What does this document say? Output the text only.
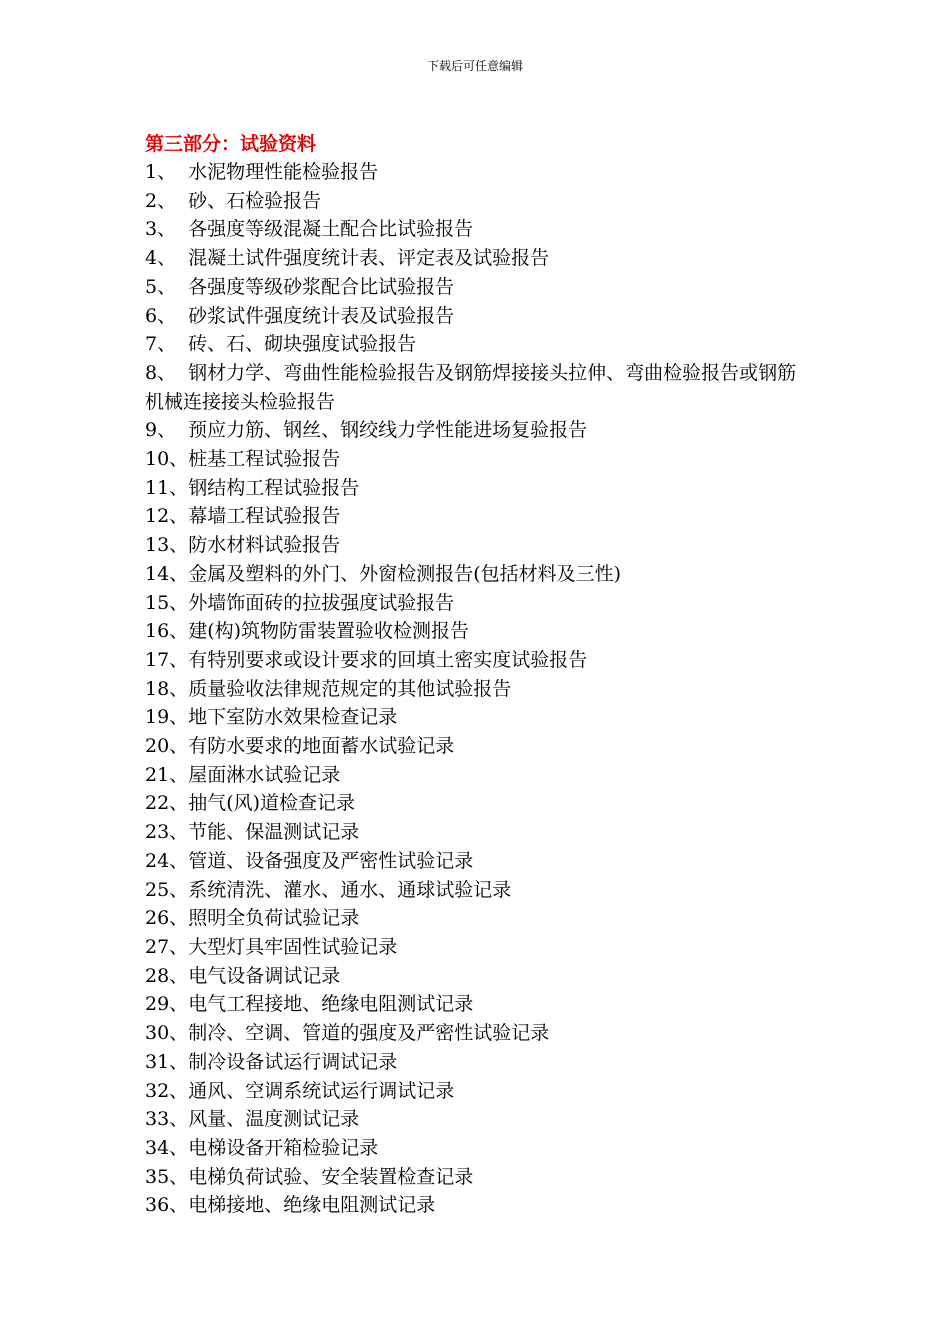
下载后可任意编辑
第三部分：试验资料
1、 水泥物理性能检验报告
2、 砂、石检验报告
3、 各强度等级混凝土配合比试验报告
4、 混凝土试件强度统计表、评定表及试验报告
5、 各强度等级砂浆配合比试验报告
6、 砂浆试件强度统计表及试验报告
7、 砖、石、砌块强度试验报告
8、  钢材力学、弯曲性能检验报告及钢筋焊接接头拉伸、弯曲检验报告或钢筋机械连接接头检验报告
9、 预应力筋、钢丝、钢绞线力学性能进场复验报告
10、 桩基工程试验报告
11、 钢结构工程试验报告
12、 幕墙工程试验报告
13、 防水材料试验报告
14、 金属及塑料的外门、外窗检测报告(包括材料及三性)
15、 外墙饰面砖的拉拔强度试验报告
16、 建(构)筑物防雷装置验收检测报告
17、 有特别要求或设计要求的回填土密实度试验报告
18、 质量验收法律规范规定的其他试验报告
19、 地下室防水效果检查记录
20、 有防水要求的地面蓄水试验记录
21、 屋面淋水试验记录
22、 抽气(风)道检查记录
23、 节能、保温测试记录
24、 管道、设备强度及严密性试验记录
25、 系统清洗、灌水、通水、通球试验记录
26、 照明全负荷试验记录
27、 大型灯具牢固性试验记录
28、 电气设备调试记录
29、 电气工程接地、绝缘电阻测试记录
30、 制冷、空调、管道的强度及严密性试验记录
31、 制冷设备试运行调试记录
32、 通风、空调系统试运行调试记录
33、 风量、温度测试记录
34、 电梯设备开箱检验记录
35、 电梯负荷试验、安全装置检查记录
36、 电梯接地、绝缘电阻测试记录
